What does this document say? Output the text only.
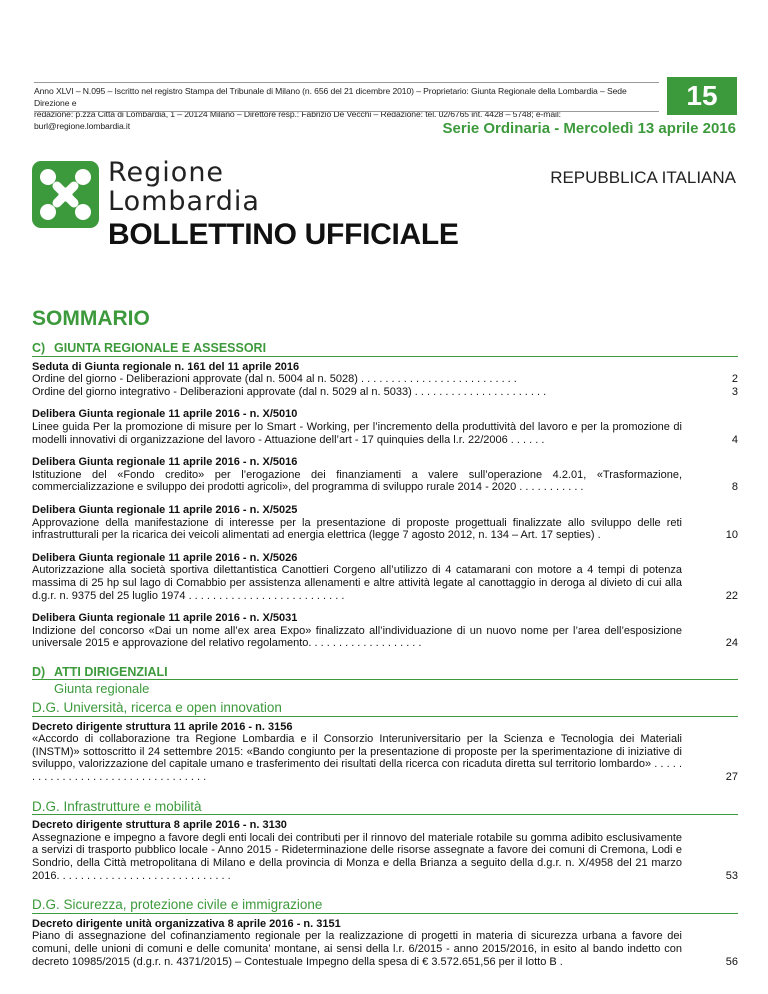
Anno XLVI – N.095 – Iscritto nel registro Stampa del Tribunale di Milano (n. 656 del 21 dicembre 2010) – Proprietario: Giunta Regionale della Lombardia – Sede Direzione e
redazione: p.zza Città di Lombardia, 1 – 20124 Milano – Direttore resp.: Fabrizio De Vecchi – Redazione: tel. 02/6765 int. 4428 – 5748; e-mail: burl@regione.lombardia.it
15
Serie Ordinaria - Mercoledì 13 aprile 2016
Regione
Lombardia
REPUBBLICA ITALIANA
BOLLETTINO UFFICIALE
SOMMARIO
C) GIUNTA REGIONALE E ASSESSORI
Seduta di Giunta regionale n. 161 del 11 aprile 2016
Ordine del giorno - Deliberazioni approvate (dal n. 5004 al n. 5028) . . . . . . . . . . . . . . . . . . . . . . . . . .	2
Ordine del giorno integrativo - Deliberazioni approvate (dal n. 5029 al n. 5033) . . . . . . . . . . . . . . . . . . . . . .	3
Delibera Giunta regionale 11 aprile 2016 - n. X/5010
Linee guida Per la promozione di misure per lo Smart - Working, per l’incremento della produttività del lavoro e per la promozione di modelli innovativi di organizzazione del lavoro - Attuazione dell’art - 17 quinquies della l.r. 22/2006 . . . . . .	4
Delibera Giunta regionale 11 aprile 2016 - n. X/5016
Istituzione del «Fondo credito» per l’erogazione dei finanziamenti a valere sull’operazione 4.2.01, «Trasformazione, commercializzazione e sviluppo dei prodotti agricoli», del programma di sviluppo rurale 2014 - 2020 . . . . . . . . . . .	8
Delibera Giunta regionale 11 aprile 2016 - n. X/5025
Approvazione della manifestazione di interesse per la presentazione di proposte progettuali finalizzate allo sviluppo delle reti infrastrutturali per la ricarica dei veicoli alimentati ad energia elettrica (legge 7 agosto 2012, n. 134 – Art. 17 septies) .	10
Delibera Giunta regionale 11 aprile 2016 - n. X/5026
Autorizzazione alla società sportiva dilettantistica Canottieri Corgeno all’utilizzo di 4 catamarani con motore a 4 tempi di potenza massima di 25 hp sul lago di Comabbio per assistenza allenamenti e altre attività legate al canottaggio in deroga al divieto di cui alla d.g.r. n. 9375 del 25 luglio 1974 . . . . . . . . . . . . . . . . . . . . . . . . . .	22
Delibera Giunta regionale 11 aprile 2016 - n. X/5031
Indizione del concorso «Dai un nome all’ex area Expo» finalizzato all’individuazione di un nuovo nome per l’area dell’esposizione universale 2015 e approvazione del relativo regolamento. . . . . . . . . . . . . . . . . . .	24
D) ATTI DIRIGENZIALI
Giunta regionale
D.G. Università, ricerca e open innovation
Decreto dirigente struttura 11 aprile 2016 - n. 3156
«Accordo di collaborazione tra Regione Lombardia e il Consorzio Interuniversitario per la Scienza e Tecnologia dei Materiali (INSTM)» sottoscritto il 24 settembre 2015: «Bando congiunto per la presentazione di proposte per la sperimentazione di iniziative di sviluppo, valorizzazione del capitale umano e trasferimento dei risultati della ricerca con ricaduta diretta sul territorio lombardo» . . . . . . . . . . . . . . . . . . . . . . . . . . . . . . . . . .	27
D.G. Infrastrutture e mobilità
Decreto dirigente struttura 8 aprile 2016 - n. 3130
Assegnazione e impegno a favore degli enti locali dei contributi per il rinnovo del materiale rotabile su gomma adibito esclusivamente a servizi di trasporto pubblico locale - Anno 2015 - Rideterminazione delle risorse assegnate a favore dei comuni di Cremona, Lodi e Sondrio, della Città metropolitana di Milano e della provincia di Monza e della Brianza a seguito della d.g.r. n. X/4958 del 21 marzo 2016. . . . . . . . . . . . . . . . . . . . . . . . . . . . .	53
D.G. Sicurezza, protezione civile e immigrazione
Decreto dirigente unità organizzativa 8 aprile 2016 - n. 3151
Piano di assegnazione del cofinanziamento regionale per la realizzazione di progetti in materia di sicurezza urbana a favore dei comuni, delle unioni di comuni e delle comunita’ montane, ai sensi della l.r. 6/2015 - anno 2015/2016, in esito al bando indetto con decreto 10985/2015 (d.g.r. n. 4371/2015) – Contestuale Impegno della spesa di € 3.572.651,56 per il lotto B .	56
